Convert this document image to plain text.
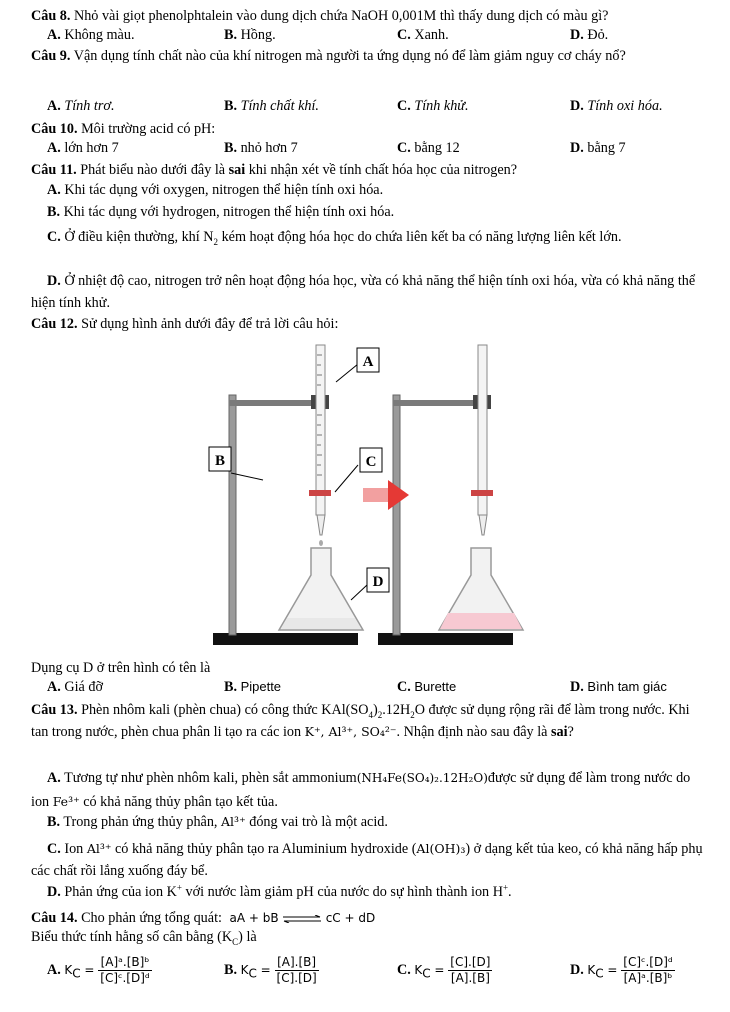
Câu 8. Nhỏ vài giọt phenolphtalein vào dung dịch chứa NaOH 0,001M thì thấy dung dịch có màu gì?
A. Không màu.	B. Hồng.	C. Xanh.	D. Đỏ.
Câu 9. Vận dụng tính chất nào của khí nitrogen mà người ta ứng dụng nó để làm giảm nguy cơ cháy nổ?
A. Tính trơ.	B. Tính chất khí.	C. Tính khử.	D. Tính oxi hóa.
Câu 10. Môi trường acid có pH:
A. lớn hơn 7	B. nhỏ hơn 7	C. bằng 12	D. bằng 7
Câu 11. Phát biểu nào dưới đây là sai khi nhận xét về tính chất hóa học của nitrogen?
A. Khi tác dụng với oxygen, nitrogen thể hiện tính oxi hóa.
B. Khi tác dụng với hydrogen, nitrogen thể hiện tính oxi hóa.
C. Ở điều kiện thường, khí $N_2$ kém hoạt động hóa học do chứa liên kết ba có năng lượng liên kết lớn.
D. Ở nhiệt độ cao, nitrogen trở nên hoạt động hóa học, vừa có khả năng thể hiện tính oxi hóa, vừa có khả năng thể hiện tính khử.
Câu 12. Sử dụng hình ảnh dưới đây để trả lời câu hỏi:
A
B	C
D
Dụng cụ D ở trên hình có tên là
A. Giá đỡ	B. Pipette	C. Burette	D. Bình tam giác
Câu 13. Phèn nhôm kali (phèn chua) có công thức $KAl(SO_4)_2.12H_2O$ được sử dụng rộng rãi để làm trong nước. Khi tan trong nước, phèn chua phân li tạo ra các ion K⁺, Al³⁺, SO₄²⁻. Nhận định nào sau đây là sai?
A. Tương tự như phèn nhôm kali, phèn sắt ammonium(NH₄Fe(SO₄)₂.12H₂O)được sử dụng để làm trong nước do ion Fe³⁺ có khả năng thủy phân tạo kết tủa.
B. Trong phản ứng thủy phân, Al³⁺ đóng vai trò là một acid.
C. Ion Al³⁺ có khả năng thủy phân tạo ra Aluminium hydroxide (Al(OH)₃) ở dạng kết tủa keo, có khả năng hấp phụ các chất rồi lắng xuống đáy bể.
D. Phản ứng của ion K+ với nước làm giảm pH của nước do sự hình thành ion H+.
Câu 14. Cho phản ứng tổng quát: aA + bB ⇌ cC + dD
Biểu thức tính hằng số cân bằng $(K_C)$ là
A. $K_C = \frac{\text{[A]ᵃ.[B]ᵇ}}{\text{[C]ᶜ.[D]ᵈ}}$	B. $K_C = \frac{[A].[B]}{[C].[D]}$	C. $K_C = \frac{[C].[D]}{[A].[B]}$	D. $K_C = \frac{\text{[C]ᶜ.[D]ᵈ}}{\text{[A]ᵃ.[B]ᵇ}}$
